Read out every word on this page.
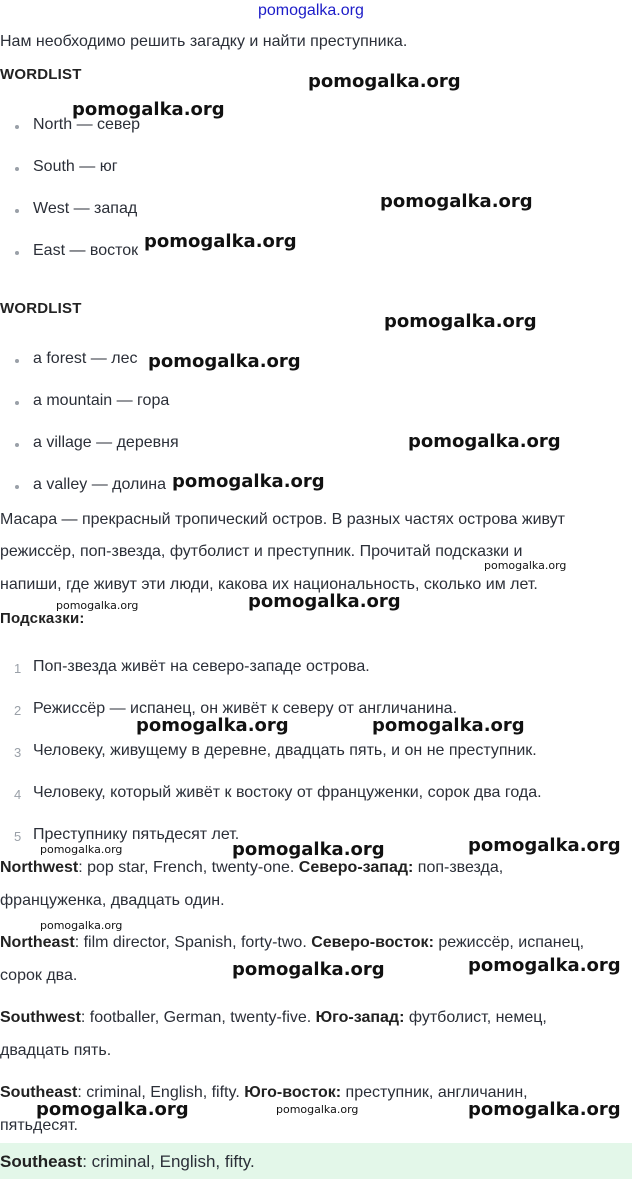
pomogalka.org
Нам необходимо решить загадку и найти преступника.
WORDLIST
North — север
South — юг
West — запад
East — восток
WORDLIST
a forest — лес
a mountain — гора
a village — деревня
a valley — долина
Масара — прекрасный тропический остров. В разных частях острова живут
режиссёр, поп-звезда, футболист и преступник. Прочитай подсказки и
напиши, где живут эти люди, какова их национальность, сколько им лет.
Подсказки:
1 Поп-звезда живёт на северо-западе острова.
2 Режиссёр — испанец, он живёт к северу от англичанина.
3 Человеку, живущему в деревне, двадцать пять, и он не преступник.
4 Человеку, который живёт к востоку от француженки, сорок два года.
5 Преступнику пятьдесят лет.
Northwest: pop star, French, twenty-one. Северо-запад: поп-звезда,
француженка, двадцать один.
Northeast: film director, Spanish, forty-two. Северо-восток: режиссёр, испанец,
сорок два.
Southwest: footballer, German, twenty-five. Юго-запад: футболист, немец,
двадцать пять.
Southeast: criminal, English, fifty. Юго-восток: преступник, англичанин,
пятьдесят.
Southeast: criminal, English, fifty.
pomogalka.org
pomogalka.org
pomogalka.org
pomogalka.org
pomogalka.org
pomogalka.org
pomogalka.org
pomogalka.org
pomogalka.org
pomogalka.org
pomogalka.org
pomogalka.org	pomogalka.org
pomogalka.org
pomogalka.org	pomogalka.org
pomogalka.org
pomogalka.org	pomogalka.org
pomogalka.org	pomogalka.org	pomogalka.org
